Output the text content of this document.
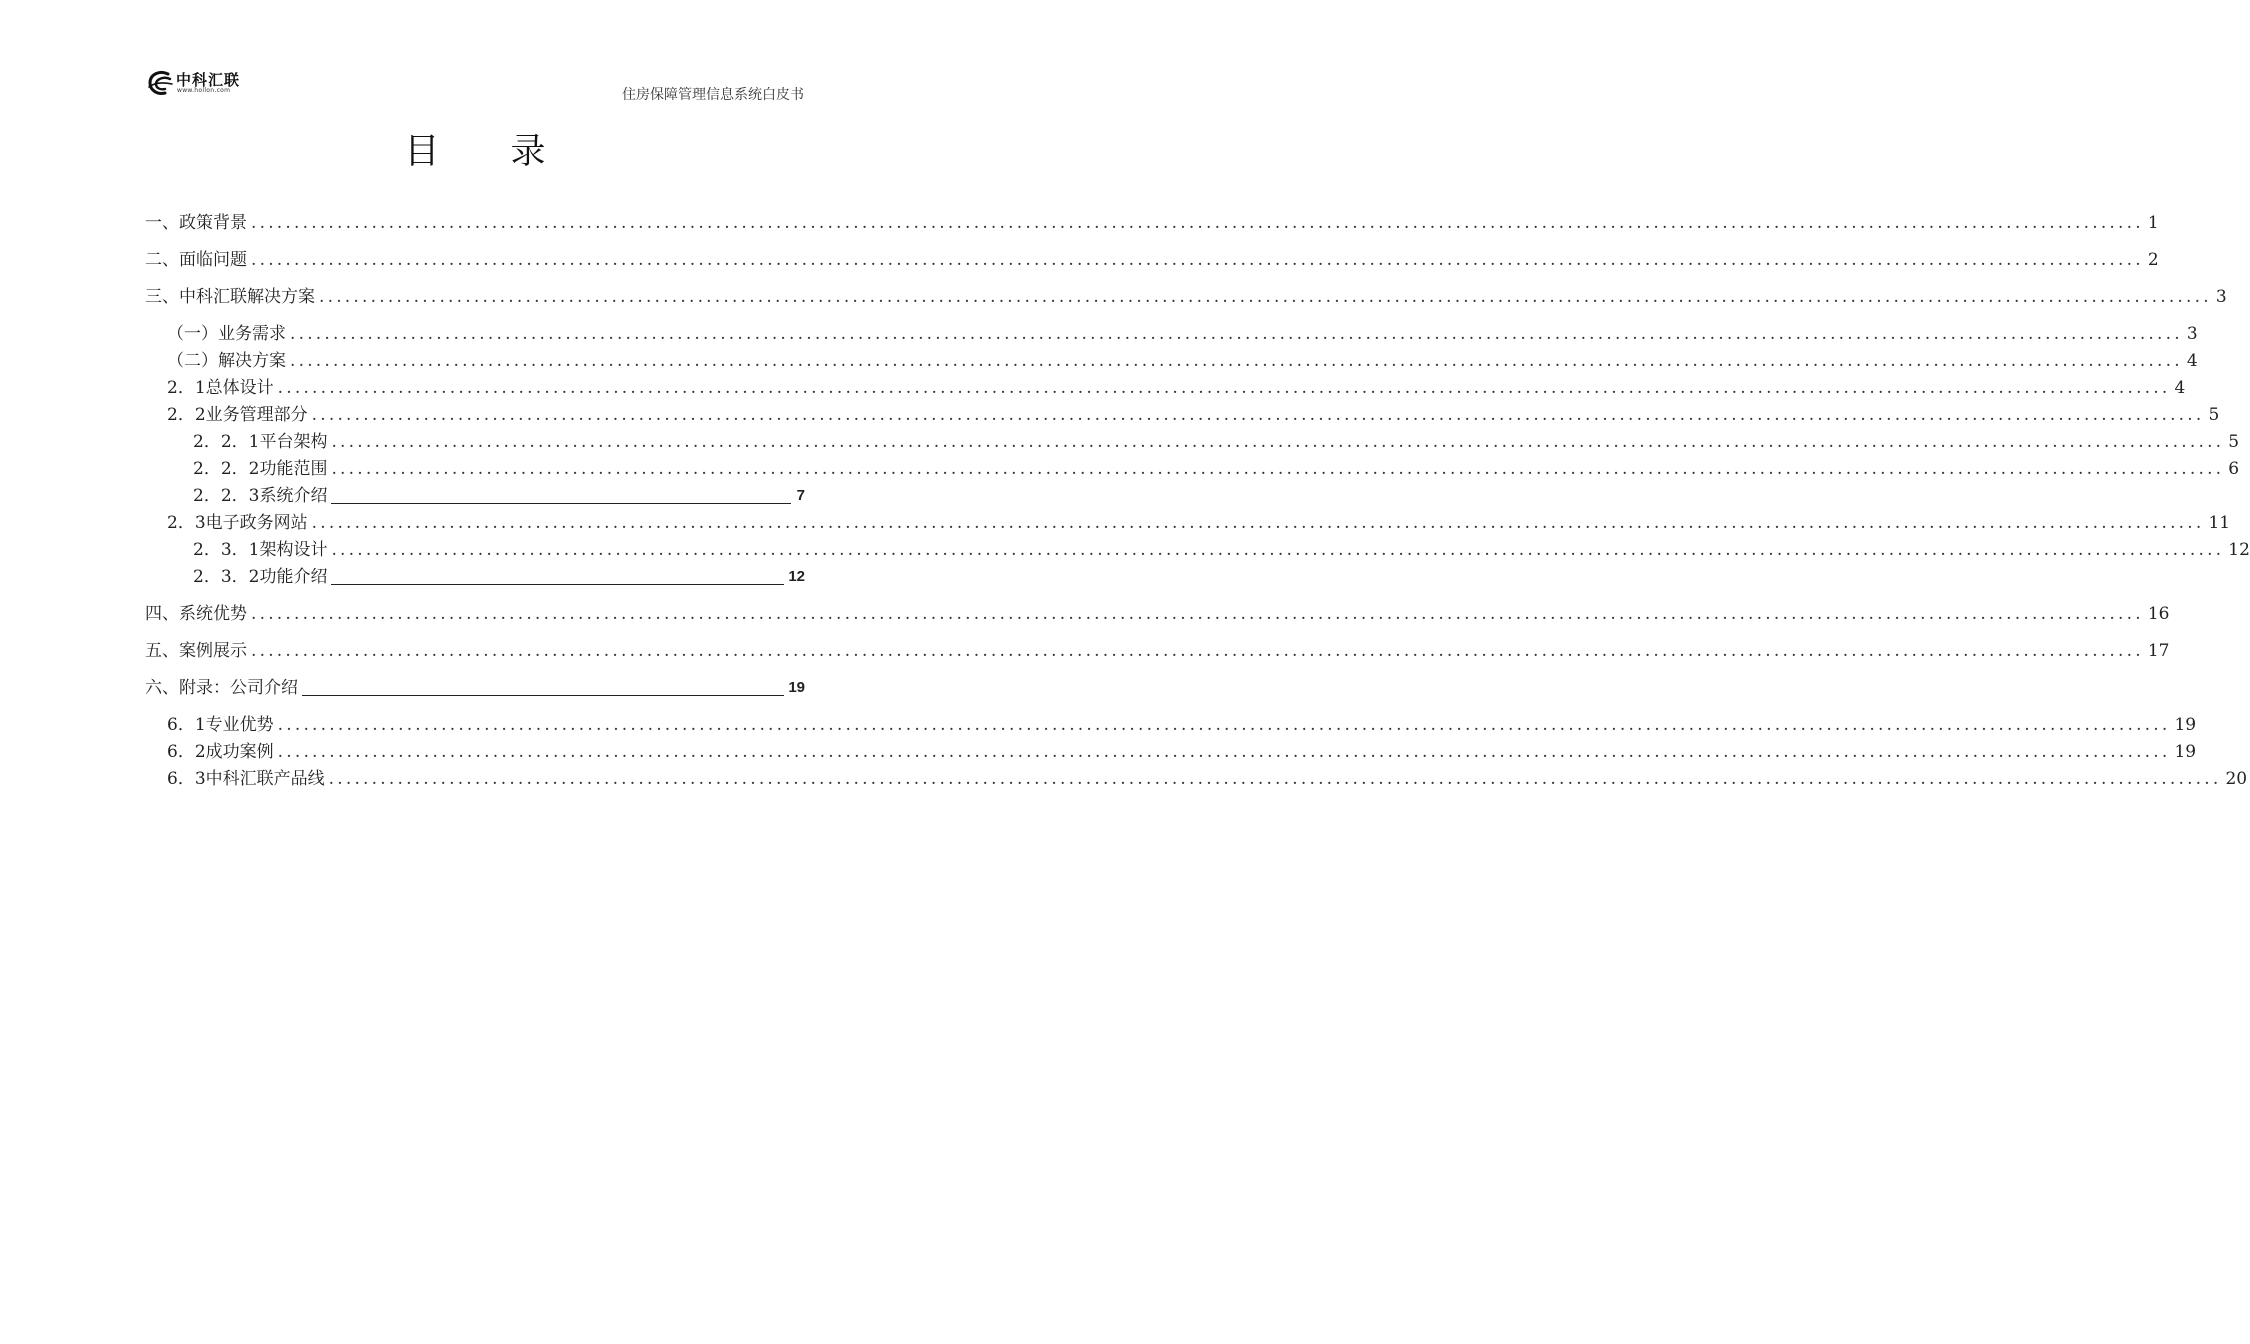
中科汇联
www.hollon.com	住房保障管理信息系统白皮书
目 录
一、政策背景 ............................................................................................................................................................................................................................ 1
二、面临问题 ............................................................................................................................................................................................................................ 2
三、中科汇联解决方案 ............................................................................................................................................................................................................................ 3
（一）业务需求 ............................................................................................................................................................................................................................ 3
（二）解决方案 ............................................................................................................................................................................................................................ 4
2．1总体设计 ............................................................................................................................................................................................................................ 4
2．2业务管理部分 ............................................................................................................................................................................................................................ 5
2．2．1平台架构 ............................................................................................................................................................................................................................ 5
2．2．2功能范围 ............................................................................................................................................................................................................................ 6
2．2．3系统介绍	7
2．3电子政务网站 ............................................................................................................................................................................................................................ 11
2．3．1架构设计 ............................................................................................................................................................................................................................ 12
2．3．2功能介绍	12
四、系统优势 ............................................................................................................................................................................................................................ 16
五、案例展示 ............................................................................................................................................................................................................................ 17
六、附录：公司介绍	19
6．1专业优势 ............................................................................................................................................................................................................................ 19
6．2成功案例 ............................................................................................................................................................................................................................ 19
6．3中科汇联产品线 ............................................................................................................................................................................................................................ 20
